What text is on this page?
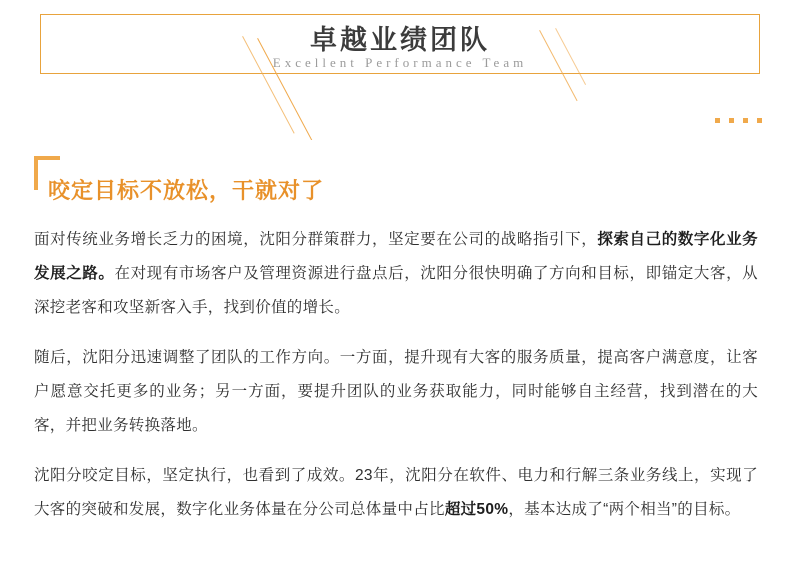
卓越业绩团队
Excellent Performance Team
咬定目标不放松，干就对了

面对传统业务增长乏力的困境，沈阳分群策群力，坚定要在公司的战略指引下，探索自己的数字化业务发展之路。在对现有市场客户及管理资源进行盘点后，沈阳分很快明确了方向和目标，即锚定大客，从深挖老客和攻坚新客入手，找到价值的增长。

随后，沈阳分迅速调整了团队的工作方向。一方面，提升现有大客的服务质量，提高客户满意度，让客户愿意交托更多的业务；另一方面，要提升团队的业务获取能力，同时能够自主经营，找到潜在的大客，并把业务转换落地。

沈阳分咬定目标，坚定执行，也看到了成效。23年，沈阳分在软件、电力和行解三条业务线上，实现了大客的突破和发展，数字化业务体量在分公司总体量中占比超过50%，基本达成了“两个相当”的目标。
